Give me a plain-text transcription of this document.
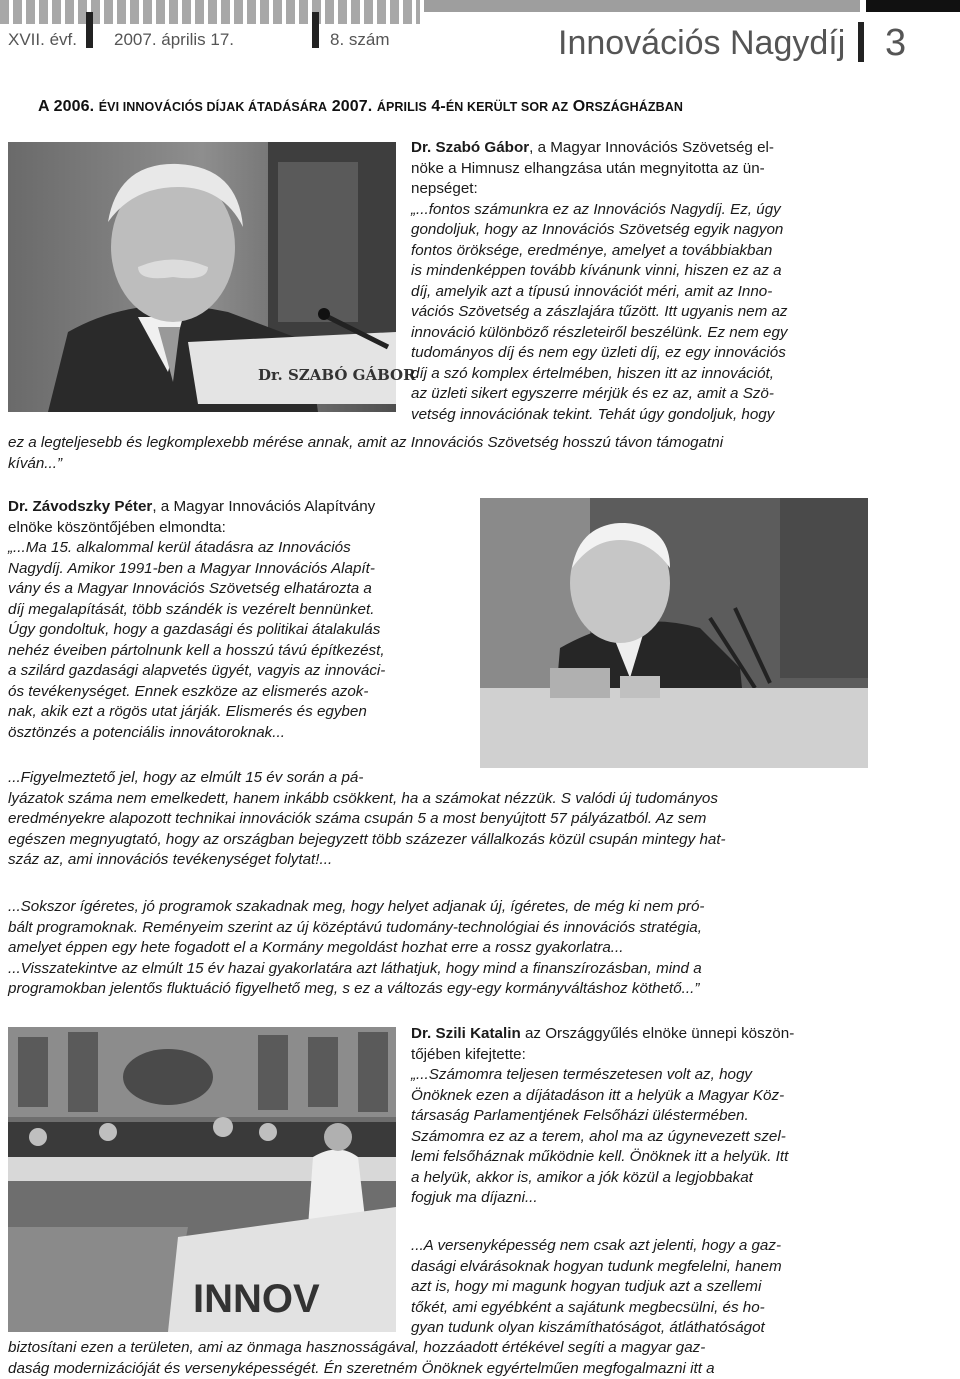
XVII. évf. 2007. április 17.	8. szám	Innovációs Nagydíj 3
A 2006. ÉVI INNOVÁCIÓS DÍJAK ÁTADÁSÁRA 2007. ÁPRILIS 4-ÉN KERÜLT SOR AZ ORSZÁGHÁZBAN
Dr. SZABÓ GÁBOR
Dr. Szabó Gábor, a Magyar Innovációs Szövetség el-
nöke a Himnusz elhangzása után megnyitotta az ün-
nepséget:
„...fontos számunkra ez az Innovációs Nagydíj. Ez, úgy
gondoljuk, hogy az Innovációs Szövetség egyik nagyon
fontos öröksége, eredménye, amelyet a továbbiakban
is mindenképpen tovább kívánunk vinni, hiszen ez az a
díj, amelyik azt a típusú innovációt méri, amit az Inno-
vációs Szövetség a zászlajára tűzött. Itt ugyanis nem az
innováció különböző részleteiről beszélünk. Ez nem egy
tudományos díj és nem egy üzleti díj, ez egy innovációs
díj a szó komplex értelmében, hiszen itt az innovációt,
az üzleti sikert egyszerre mérjük és ez az, amit a Szö-
vetség innovációnak tekint. Tehát úgy gondoljuk, hogy
ez a legteljesebb és legkomplexebb mérése annak, amit az Innovációs Szövetség hosszú távon támogatni
kíván...”
Dr. Závodszky Péter, a Magyar Innovációs Alapítvány
elnöke köszöntőjében elmondta:
„...Ma 15. alkalommal kerül átadásra az Innovációs
Nagydíj. Amikor 1991-ben a Magyar Innovációs Alapít-
vány és a Magyar Innovációs Szövetség elhatározta a
díj megalapítását, több szándék is vezérelt bennünket.
Úgy gondoltuk, hogy a gazdasági és politikai átalakulás
nehéz éveiben pártolnunk kell a hosszú távú építkezést,
a szilárd gazdasági alapvetés ügyét, vagyis az innováci-
ós tevékenységet. Ennek eszköze az elismerés azok-
nak, akik ezt a rögös utat járják. Elismerés és egyben
ösztönzés a potenciális innovátoroknak...
...Figyelmeztető jel, hogy az elmúlt 15 év során a pá-
lyázatok száma nem emelkedett, hanem inkább csökkent, ha a számokat nézzük. S valódi új tudományos
eredményekre alapozott technikai innovációk száma csupán 5 a most benyújtott 57 pályázatból. Az sem
egészen megnyugtató, hogy az országban bejegyzett több százezer vállalkozás közül csupán mintegy hat-
száz az, ami innovációs tevékenységet folytat!...
...Sokszor ígéretes, jó programok szakadnak meg, hogy helyet adjanak új, ígéretes, de még ki nem pró-
bált programoknak. Reményeim szerint az új középtávú tudomány-technológiai és innovációs stratégia,
amelyet éppen egy hete fogadott el a Kormány megoldást hozhat erre a rossz gyakorlatra...
...Visszatekintve az elmúlt 15 év hazai gyakorlatára azt láthatjuk, hogy mind a finanszírozásban, mind a
programokban jelentős fluktuáció figyelhető meg, s ez a változás egy-egy kormányváltáshoz köthető...”
INNOV
Dr. Szili Katalin az Országgyűlés elnöke ünnepi köszön-
tőjében kifejtette:
„...Számomra teljesen természetesen volt az, hogy
Önöknek ezen a díjátadáson itt a helyük a Magyar Köz-
társaság Parlamentjének Felsőházi üléstermében.
Számomra ez az a terem, ahol ma az úgynevezett szel-
lemi felsőháznak működnie kell. Önöknek itt a helyük. Itt
a helyük, akkor is, amikor a jók közül a legjobbakat
fogjuk ma díjazni...
...A versenyképesség nem csak azt jelenti, hogy a gaz-
dasági elvárásoknak hogyan tudunk megfelelni, hanem
azt is, hogy mi magunk hogyan tudjuk azt a szellemi
tőkét, ami egyébként a sajátunk megbecsülni, és ho-
gyan tudunk olyan kiszámíthatóságot, átláthatóságot
biztosítani ezen a területen, ami az önmaga hasznosságával, hozzáadott értékével segíti a magyar gaz-
daság modernizációját és versenyképességét. Én szeretném Önöknek egyértelműen megfogalmazni itt a
